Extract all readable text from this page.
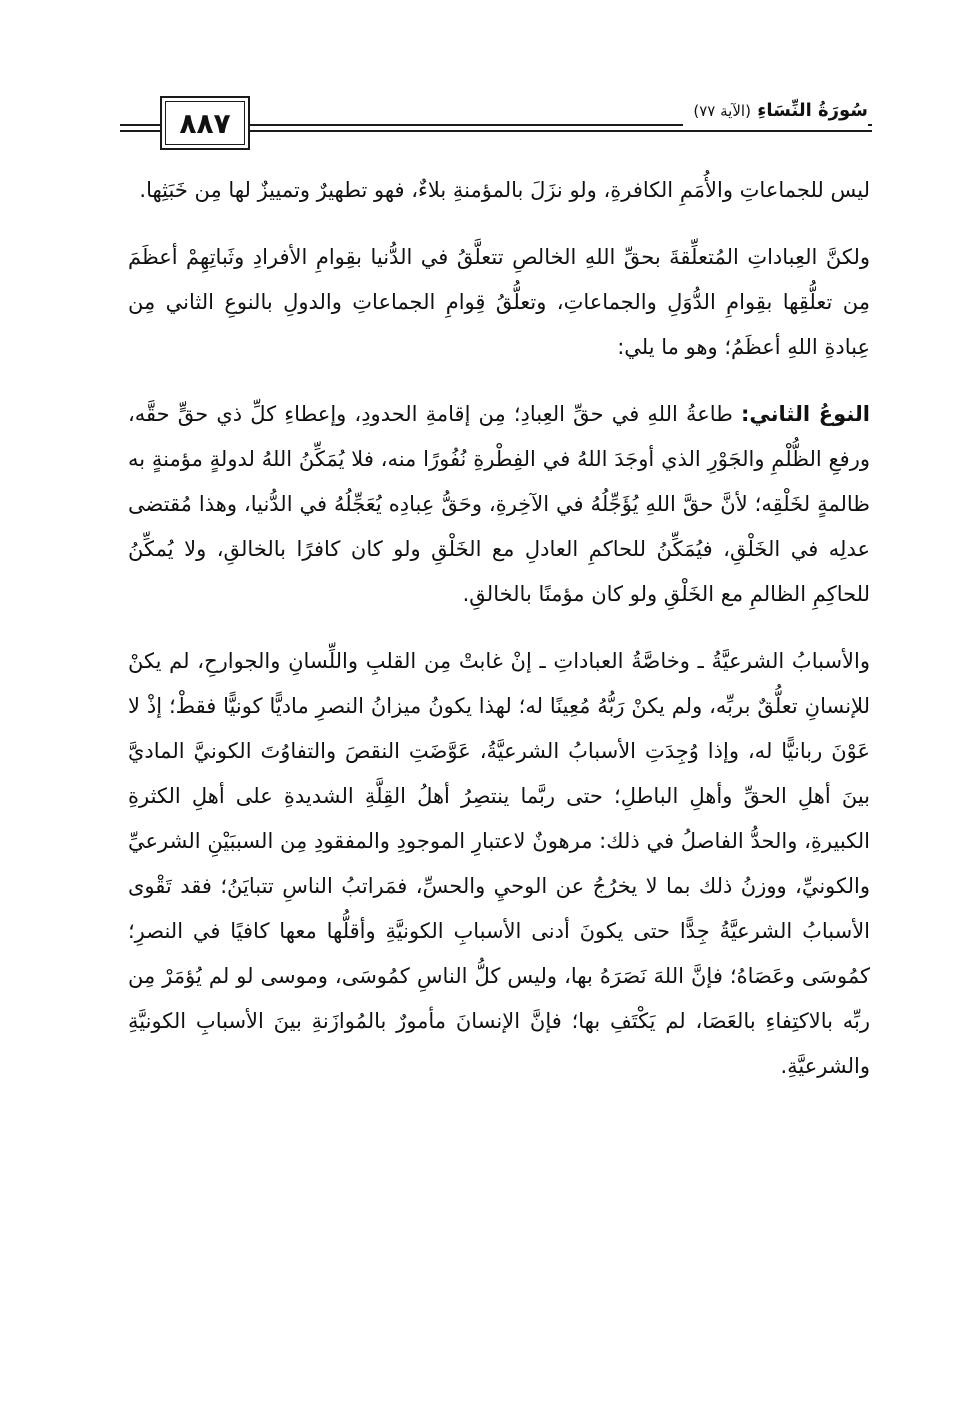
٨٨٧	سُورَةُ النِّسَاءِ (الآية ٧٧)

ليس للجماعاتِ والأُمَمِ الكافرةِ، ولو نزَلَ بالمؤمنةِ بلاءٌ، فهو تطهيرٌ وتمييزٌ لها مِن خَبَثِها.

ولكنَّ العِباداتِ المُتعلِّقةَ بحقِّ اللهِ الخالصِ تتعلَّقُ في الدُّنيا بقِوامِ الأفرادِ وثَباتِهِمْ أعظَمَ مِن تعلُّقِها بقِوامِ الدُّوَلِ والجماعاتِ، وتعلُّقُ قِوامِ الجماعاتِ والدولِ بالنوعِ الثاني مِن عِبادةِ اللهِ أعظَمُ؛ وهو ما يلي:

النوعُ الثاني: طاعةُ اللهِ في حقِّ العِبادِ؛ مِن إقامةِ الحدودِ، وإعطاءِ كلِّ ذي حقٍّ حقَّه، ورفعِ الظُّلْمِ والجَوْرِ الذي أوجَدَ اللهُ في الفِطْرةِ نُفُورًا منه، فلا يُمَكِّنُ اللهُ لدولةٍ مؤمنةٍ به ظالمةٍ لخَلْقِه؛ لأنَّ حقَّ اللهِ يُؤَجِّلُهُ في الآخِرةِ، وحَقُّ عِبادِه يُعَجِّلُهُ في الدُّنيا، وهذا مُقتضى عدلِه في الخَلْقِ، فيُمَكِّنُ للحاكمِ العادلِ مع الخَلْقِ ولو كان كافرًا بالخالقِ، ولا يُمكِّنُ للحاكِمِ الظالمِ مع الخَلْقِ ولو كان مؤمنًا بالخالقِ.

والأسبابُ الشرعيَّةُ ـ وخاصَّةُ العباداتِ ـ إنْ غابتْ مِن القلبِ واللِّسانِ والجوارحِ، لم يكنْ للإنسانِ تعلُّقٌ بربِّه، ولم يكنْ رَبُّهُ مُعِينًا له؛ لهذا يكونُ ميزانُ النصرِ ماديًّا كونيًّا فقطْ؛ إذْ لا عَوْنَ ربانيًّا له، وإذا وُجِدَتِ الأسبابُ الشرعيَّةُ، عَوَّضَتِ النقصَ والتفاوُتَ الكونيَّ الماديَّ بينَ أهلِ الحقِّ وأهلِ الباطلِ؛ حتى ربَّما ينتصِرُ أهلُ القِلَّةِ الشديدةِ على أهلِ الكثرةِ الكبيرةِ، والحدُّ الفاصلُ في ذلك: مرهونٌ لاعتبارِ الموجودِ والمفقودِ مِن السببَيْنِ الشرعيِّ والكونيِّ، ووزنُ ذلك بما لا يخرُجُ عن الوحيِ والحسِّ، فمَراتبُ الناسِ تتبايَنُ؛ فقد تَقْوى الأسبابُ الشرعيَّةُ جِدًّا حتى يكونَ أدنى الأسبابِ الكونيَّةِ وأقلُّها معها كافيًا في النصرِ؛ كمُوسَى وعَصَاهُ؛ فإنَّ اللهَ نَصَرَهُ بها، وليس كلُّ الناسِ كمُوسَى، وموسى لو لم يُؤمَرْ مِن ربِّه بالاكتِفاءِ بالعَصَا، لم يَكْتَفِ بها؛ فإنَّ الإنسانَ مأمورٌ بالمُوازَنةِ بينَ الأسبابِ الكونيَّةِ والشرعيَّةِ.
